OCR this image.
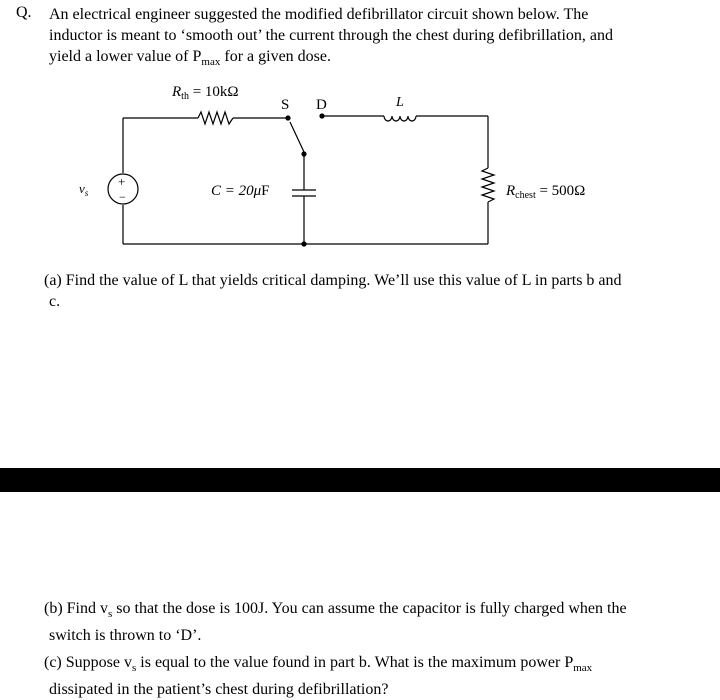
Q. An electrical engineer suggested the modified defibrillator circuit shown below. The
inductor is meant to ‘smooth out’ the current through the chest during defibrillation, and
yield a lower value of $P_{max}$ for a given dose.
$R_{th} = 10k\Omega$
S D	L
$v_s$
+
−	C = 20μF	$R_{chest} = 500\Omega$
(a) Find the value of L that yields critical damping. We’ll use this value of L in parts b and
c.
(b) Find $v_s$ so that the dose is 100J. You can assume the capacitor is fully charged when the
switch is thrown to ‘D’.
(c) Suppose $v_s$ is equal to the value found in part b. What is the maximum power $P_{max}$
dissipated in the patient’s chest during defibrillation?
